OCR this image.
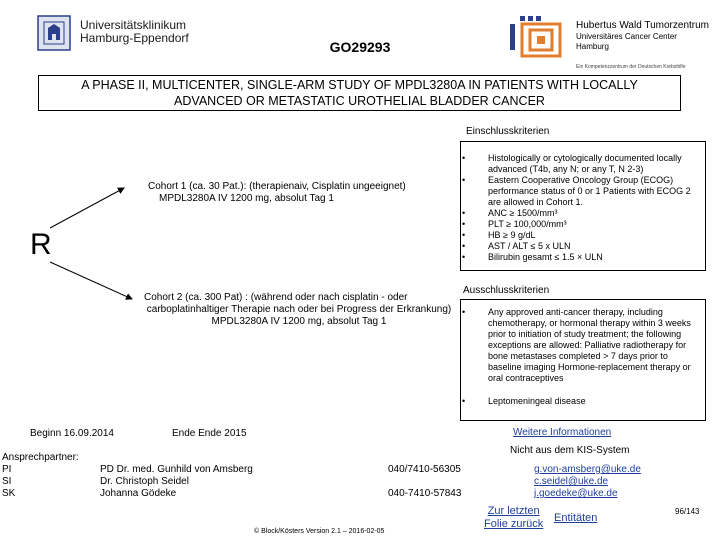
Universitätsklinikum
Hamburg-Eppendorf
GO29293
Hubertus Wald Tumorzentrum
Universitäres Cancer Center Hamburg
Ein Kompetenzzentrum der Deutschen Krebshilfe
A PHASE II, MULTICENTER, SINGLE-ARM STUDY OF MPDL3280A IN PATIENTS WITH LOCALLY
ADVANCED OR METASTATIC UROTHELIAL BLADDER CANCER
R
Cohort 1 (ca. 30 Pat.): (therapienaiv, Cisplatin ungeeignet)
MPDL3280A IV 1200 mg, absolut Tag 1
Cohort 2 (ca. 300 Pat) : (während oder nach cisplatin - oder
carboplatinhaltiger Therapie nach oder bei Progress der Erkrankung)
MPDL3280A IV 1200 mg, absolut Tag 1
Einschlusskriterien
•	Histologically or cytologically documented locally advanced (T4b, any N; or any T, N 2-3)
•	Eastern Cooperative Oncology Group (ECOG) performance status of 0 or 1 Patients with ECOG 2 are allowed in Cohort 1.
•	ANC ≥ 1500/mm³
•	PLT ≥ 100,000/mm³
•	HB ≥ 9 g/dL
•	AST / ALT ≤ 5 x ULN
•	Bilirubin gesamt ≤ 1.5 × ULN
Ausschlusskriterien
•	Any approved anti-cancer therapy, including chemotherapy, or hormonal therapy within 3 weeks prior to initiation of study treatment; the following exceptions are allowed: Palliative radiotherapy for bone metastases completed > 7 days prior to baseline imaging Hormone-replacement therapy or oral contraceptives
•	Leptomeningeal disease
Beginn 16.09.2014	Ende Ende 2015	Weitere Informationen
Nicht aus dem KIS-System
Ansprechpartner:
PI	PD Dr. med. Gunhild von Amsberg	040/7410-56305	g.von-amsberg@uke.de
SI	Dr. Christoph Seidel	c.seidel@uke.de
SK	Johanna Gödeke	040-7410-57843	j.goedeke@uke.de
Zur letzten
Folie zurück Entitäten
96/143
© Block/Kösters Version 2.1 – 2016-02-05
